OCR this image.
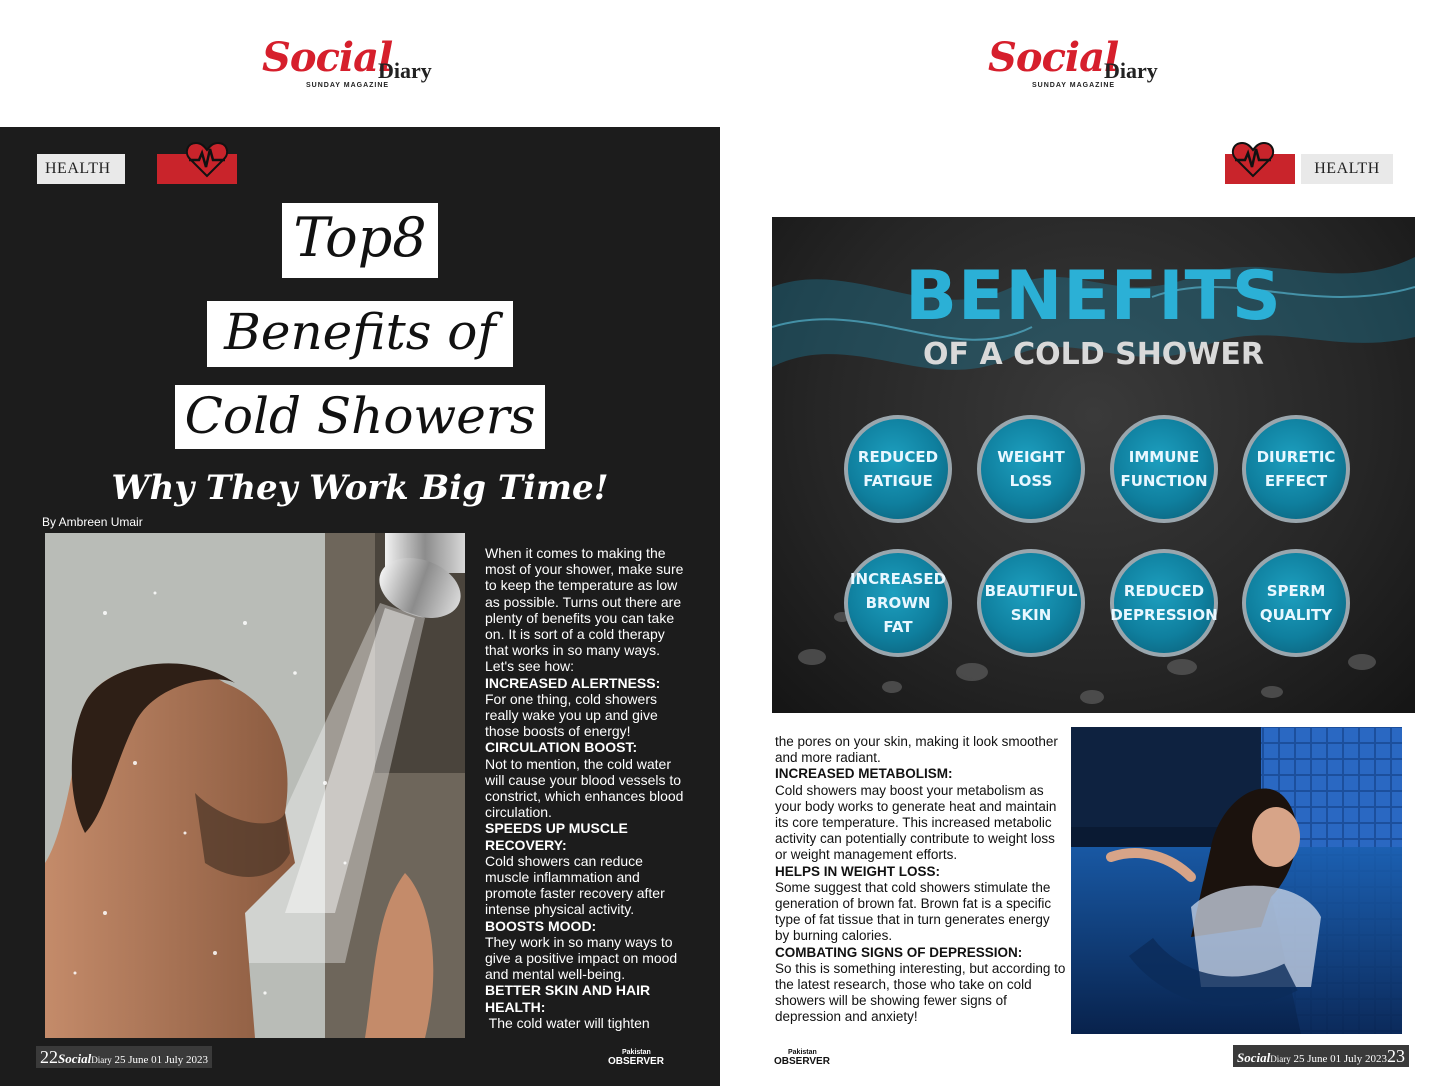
Social
Diary
SUNDAY MAGAZINE
HEALTH
Top8
Benefits of
Cold Showers
Why They Work Big Time!
By Ambreen Umair

When it comes to making the most of your shower, make sure to keep the temperature as low as possible. Turns out there are plenty of benefits you can take on. It is sort of a cold therapy that works in so many ways. Let's see how:

INCREASED ALERTNESS:

For one thing, cold showers really wake you up and give those boosts of energy!

CIRCULATION BOOST:

Not to mention, the cold water will cause your blood vessels to constrict, which enhances blood circulation.

SPEEDS UP MUSCLE RECOVERY:

Cold showers can reduce muscle inflammation and promote faster recovery after intense physical activity.

BOOSTS MOOD:

They work in so many ways to give a positive impact on mood and mental well-being.

BETTER SKIN AND HAIR HEALTH:

The cold water will tighten

22SocialDiary 25 June 01 July 2023
Pakistan
OBSERVER
Social
Diary
SUNDAY MAGAZINE
HEALTH
BENEFITS
OF A COLD SHOWER
REDUCED
FATIGUE
WEIGHT
LOSS
IMMUNE
FUNCTION
DIURETIC
EFFECT
INCREASED
BROWN FAT
BEAUTIFUL
SKIN
REDUCED
DEPRESSION
SPERM
QUALITY

the pores on your skin, making it look smoother and more radiant.

INCREASED METABOLISM:

Cold showers may boost your metabolism as your body works to generate heat and maintain its core temperature. This increased metabolic activity can potentially contribute to weight loss or weight management efforts.

HELPS IN WEIGHT LOSS:

Some suggest that cold showers stimulate the generation of brown fat. Brown fat is a specific type of fat tissue that in turn generates energy by burning calories.

COMBATING SIGNS OF DEPRESSION:

So this is something interesting, but according to the latest research, those who take on cold showers will be showing fewer signs of depression and anxiety!

Pakistan
OBSERVER	SocialDiary 25 June 01 July 202323
